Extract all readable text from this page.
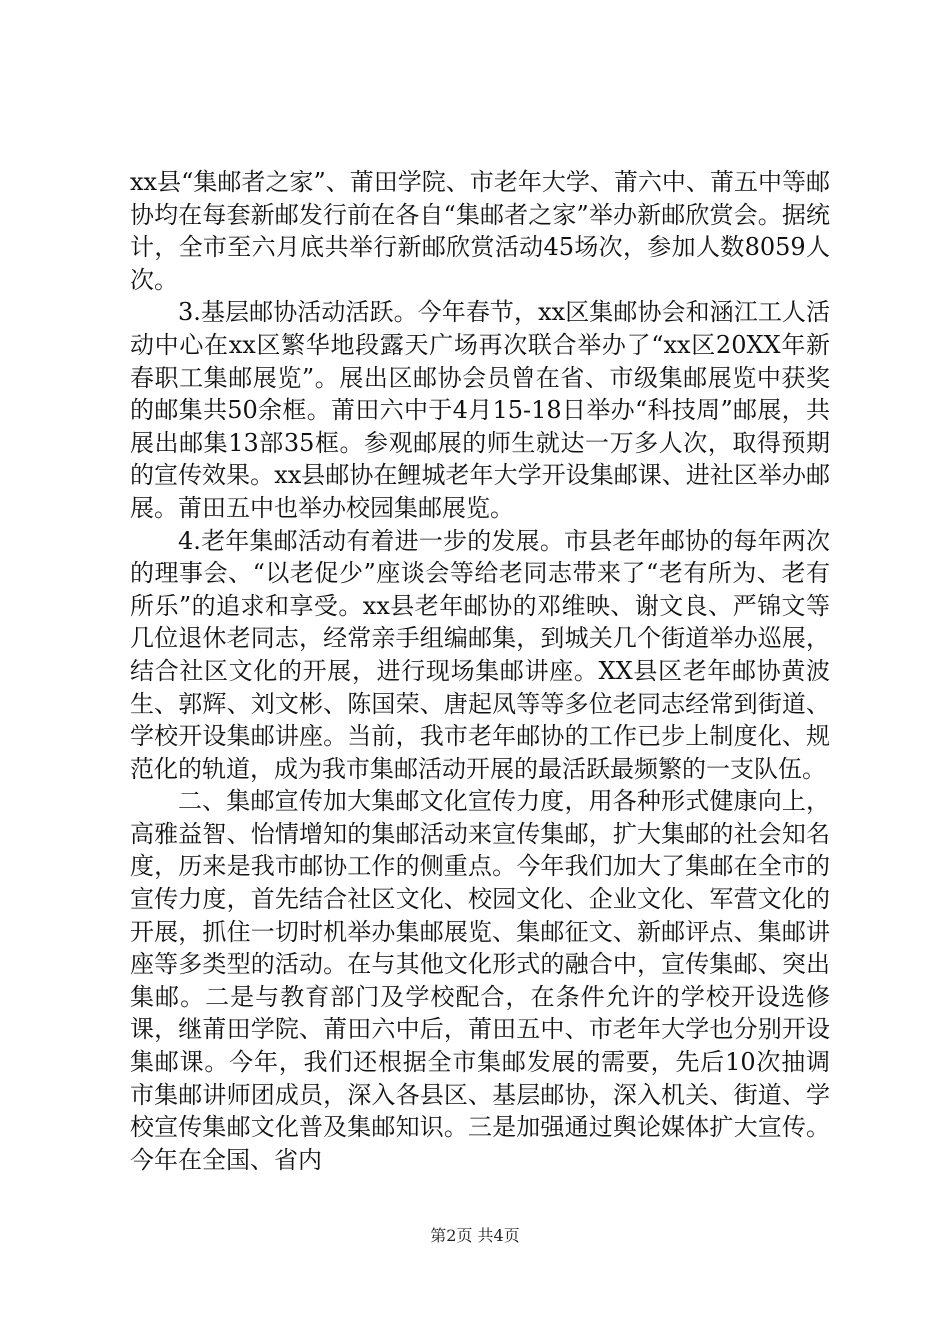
xx县“集邮者之家”、莆田学院、市老年大学、莆六中、莆五中等邮协均在每套新邮发行前在各自“集邮者之家”举办新邮欣赏会。据统计，全市至六月底共举行新邮欣赏活动45场次，参加人数8059人次。

3.基层邮协活动活跃。今年春节，xx区集邮协会和涵江工人活动中心在xx区繁华地段露天广场再次联合举办了“xx区20XX年新春职工集邮展览”。展出区邮协会员曾在省、市级集邮展览中获奖的邮集共50余框。莆田六中于4月15-18日举办“科技周”邮展，共展出邮集13部35框。参观邮展的师生就达一万多人次，取得预期的宣传效果。xx县邮协在鲤城老年大学开设集邮课、进社区举办邮展。莆田五中也举办校园集邮展览。

4.老年集邮活动有着进一步的发展。市县老年邮协的每年两次的理事会、“以老促少”座谈会等给老同志带来了“老有所为、老有所乐”的追求和享受。xx县老年邮协的邓维映、谢文良、严锦文等几位退休老同志，经常亲手组编邮集，到城关几个街道举办巡展，结合社区文化的开展，进行现场集邮讲座。XX县区老年邮协黄波生、郭辉、刘文彬、陈国荣、唐起凤等等多位老同志经常到街道、学校开设集邮讲座。当前，我市老年邮协的工作已步上制度化、规范化的轨道，成为我市集邮活动开展的最活跃最频繁的一支队伍。

二、集邮宣传加大集邮文化宣传力度，用各种形式健康向上，高雅益智、怡情增知的集邮活动来宣传集邮，扩大集邮的社会知名度，历来是我市邮协工作的侧重点。今年我们加大了集邮在全市的宣传力度，首先结合社区文化、校园文化、企业文化、军营文化的开展，抓住一切时机举办集邮展览、集邮征文、新邮评点、集邮讲座等多类型的活动。在与其他文化形式的融合中，宣传集邮、突出集邮。二是与教育部门及学校配合，在条件允许的学校开设选修课，继莆田学院、莆田六中后，莆田五中、市老年大学也分别开设集邮课。今年，我们还根据全市集邮发展的需要，先后10次抽调市集邮讲师团成员，深入各县区、基层邮协，深入机关、街道、学校宣传集邮文化普及集邮知识。三是加强通过舆论媒体扩大宣传。今年在全国、省内

第2页 共4页
